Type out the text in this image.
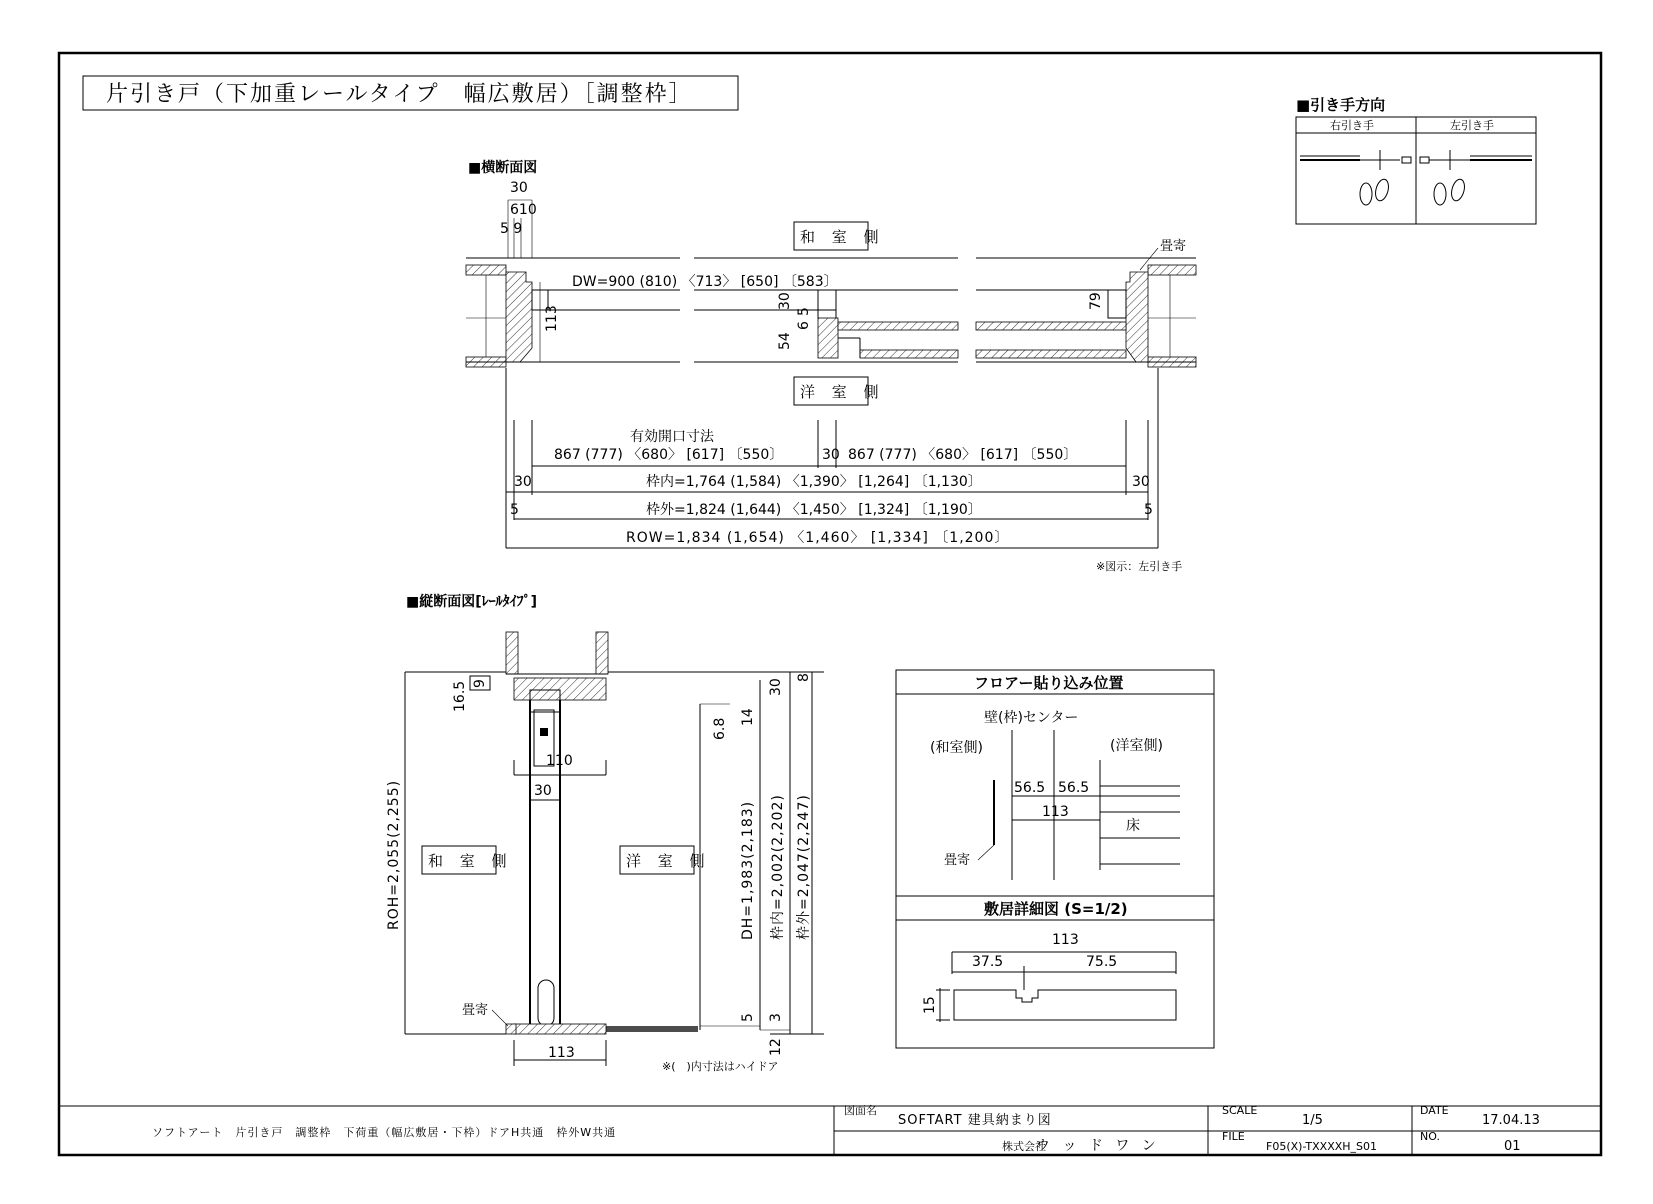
片引き戸（下加重レールタイプ　幅広敷居）［調整枠］	■引き手方向
右引き手	左引き手
■横断面図
30
610
5 9	和 室 側
洋 室 側
畳寄
DW=900 (810) 〈713〉 [650] 〔583〕
113
30
5
6
54
79
有効開口寸法
867 (777) 〈680〉 [617] 〔550〕	30 867 (777) 〈680〉 [617] 〔550〕
30	30
枠内=1,764 (1,584) 〈1,390〉 [1,264] 〔1,130〕
5	5
枠外=1,824 (1,644) 〈1,450〉 [1,324] 〔1,190〕
ROW=1,834 (1,654) 〈1,460〉 [1,334] 〔1,200〕
※図示：左引き手
■縦断面図[ﾚｰﾙﾀｲﾌﾟ]
和 室 側	洋 室 側
16.5 9
110
30
30
8
6.8
14
ROH=2,055(2,255)	DH=1,983(2,183) 枠内=2,002(2,202) 枠外=2,047(2,247)
5 3
12
畳寄
113
※(　)内寸法はハイドア
フロアー貼り込み位置
壁(枠)センター
(和室側)	(洋室側)
56.5 56.5
113
床
畳寄
敷居詳細図 (S=1/2)
113
37.5	75.5
15
ソフトアート　片引き戸　調整枠　下荷重（幅広敷居・下枠）ドアH共通　枠外W共通
図面名
SOFTART 建具納まり図
株式会社
ウ ッ ド ワ ン
SCALE
1/5
FILE
F05(X)-TXXXXH_S01
DATE
17.04.13
NO.
01
